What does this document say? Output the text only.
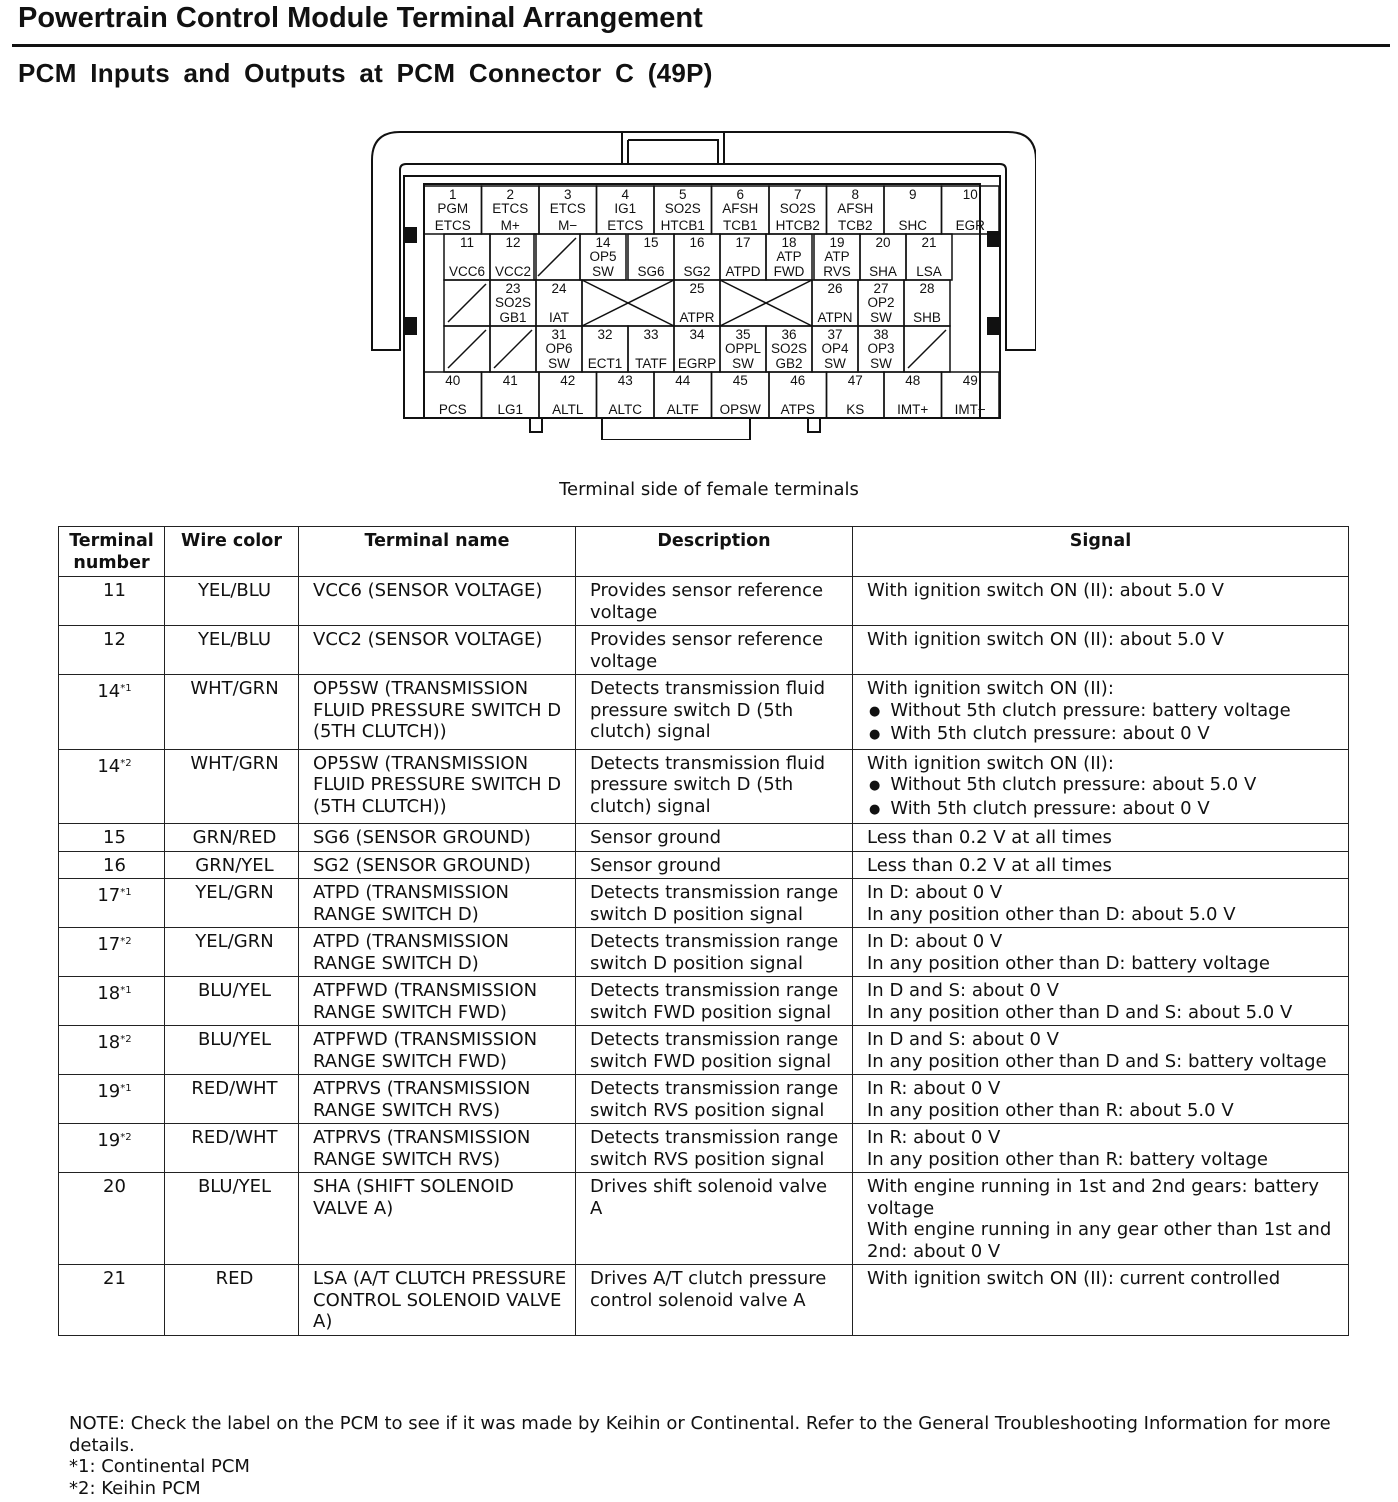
Powertrain Control Module Terminal Arrangement
PCM Inputs and Outputs at PCM Connector C (49P)
1
PGM
ETCS
2
ETCS
M+
3
ETCS
M−
4
IG1
ETCS
5
SO2S
HTCB1
6
AFSH
TCB1
7
SO2S
HTCB2
8
AFSH
TCB2
9
SHC
10
EGR
11
VCC6
12
VCC2
14
OP5
SW
15
SG6
16
SG2
17
ATPD
18
ATP
FWD
19
ATP
RVS
20
SHA
21
LSA
23
SO2S
GB1
24
IAT
25
ATPR
26
ATPN
27
OP2
SW
28
SHB
31
OP6
SW
32
ECT1
33
TATF
34
EGRP
35
OPPL
SW
36
SO2S
GB2
37
OP4
SW
38
OP3
SW
40
PCS
41
LG1
42
ALTL
43
ALTC
44
ALTF
45
OPSW
46
ATPS
47
KS
48
IMT+
49
IMT−
Terminal side of female terminals
Terminal number	Wire color	Terminal name	Description	Signal
11	YEL/BLU	VCC6 (SENSOR VOLTAGE)	Provides sensor reference voltage	With ignition switch ON (II): about 5.0 V

12	YEL/BLU	VCC2 (SENSOR VOLTAGE)	Provides sensor reference voltage	With ignition switch ON (II): about 5.0 V

14$^{*1}$	WHT/GRN	OP5SW (TRANSMISSION FLUID PRESSURE SWITCH D (5TH CLUTCH))	Detects transmission fluid pressure switch D (5th clutch) signal	With ignition switch ON (II):
● Without 5th clutch pressure: battery voltage
● With 5th clutch pressure: about 0 V

14$^{*2}$	WHT/GRN	OP5SW (TRANSMISSION FLUID PRESSURE SWITCH D (5TH CLUTCH))	Detects transmission fluid pressure switch D (5th clutch) signal	With ignition switch ON (II):
● Without 5th clutch pressure: about 5.0 V
● With 5th clutch pressure: about 0 V

15	GRN/RED	SG6 (SENSOR GROUND)	Sensor ground	Less than 0.2 V at all times

16	GRN/YEL	SG2 (SENSOR GROUND)	Sensor ground	Less than 0.2 V at all times

17$^{*1}$	YEL/GRN	ATPD (TRANSMISSION RANGE SWITCH D)	Detects transmission range switch D position signal	In D: about 0 V
In any position other than D: about 5.0 V

17$^{*2}$	YEL/GRN	ATPD (TRANSMISSION RANGE SWITCH D)	Detects transmission range switch D position signal	In D: about 0 V
In any position other than D: battery voltage

18$^{*1}$	BLU/YEL	ATPFWD (TRANSMISSION RANGE SWITCH FWD)	Detects transmission range switch FWD position signal	In D and S: about 0 V
In any position other than D and S: about 5.0 V

18$^{*2}$	BLU/YEL	ATPFWD (TRANSMISSION RANGE SWITCH FWD)	Detects transmission range switch FWD position signal	In D and S: about 0 V
In any position other than D and S: battery voltage

19$^{*1}$	RED/WHT	ATPRVS (TRANSMISSION RANGE SWITCH RVS)	Detects transmission range switch RVS position signal	In R: about 0 V
In any position other than R: about 5.0 V

19$^{*2}$	RED/WHT	ATPRVS (TRANSMISSION RANGE SWITCH RVS)	Detects transmission range switch RVS position signal	In R: about 0 V
In any position other than R: battery voltage

20	BLU/YEL	SHA (SHIFT SOLENOID VALVE A)	Drives shift solenoid valve A	With engine running in 1st and 2nd gears: battery voltage
With engine running in any gear other than 1st and 2nd: about 0 V

21	RED	LSA (A/T CLUTCH PRESSURE CONTROL SOLENOID VALVE A)	Drives A/T clutch pressure control solenoid valve A	With ignition switch ON (II): current controlled
NOTE: Check the label on the PCM to see if it was made by Keihin or Continental. Refer to the General Troubleshooting Information for more details.
*1: Continental PCM
*2: Keihin PCM
